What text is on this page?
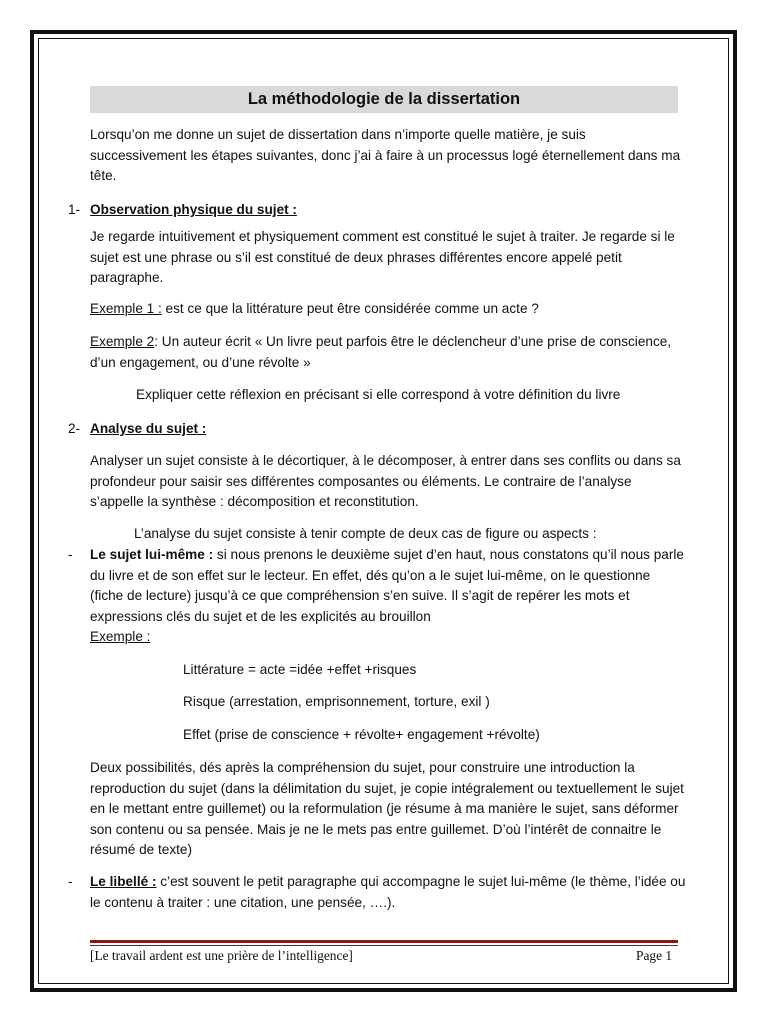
La méthodologie de la dissertation
Lorsqu’on me donne un sujet de dissertation dans n’importe quelle matière, je suis successivement les étapes suivantes, donc j’ai à faire à un processus logé éternellement dans ma tête.
1- Observation physique du sujet :
Je regarde intuitivement et physiquement comment est constitué le sujet à traiter. Je regarde si le sujet est une phrase ou s’il est constitué de deux phrases différentes encore appelé petit paragraphe.
Exemple 1 : est ce que la littérature peut être considérée comme un acte ?
Exemple 2: Un auteur écrit « Un livre peut parfois être le déclencheur d’une prise de conscience, d’un engagement, ou d’une révolte »
Expliquer cette réflexion en précisant si elle correspond à votre définition du livre
2- Analyse du sujet :
Analyser un sujet consiste à le décortiquer, à le décomposer, à entrer dans ses conflits ou dans sa profondeur pour saisir ses différentes composantes ou éléments. Le contraire de l’analyse s’appelle la synthèse : décomposition et reconstitution.
L’analyse du sujet consiste à tenir compte de deux cas de figure ou aspects :
- Le sujet lui-même : si nous prenons le deuxième sujet d’en haut, nous constatons qu’il nous parle du livre et de son effet sur le lecteur. En effet, dés qu’on a le sujet lui-même, on le questionne (fiche de lecture) jusqu’à ce que compréhension s’en suive. Il s’agit de repérer les mots et expressions clés du sujet et de les explicités au brouillon
Exemple :
Littérature = acte =idée +effet +risques
Risque (arrestation, emprisonnement, torture, exil )
Effet (prise de conscience + révolte+ engagement +révolte)
Deux possibilités, dés après la compréhension du sujet, pour construire une introduction la reproduction du sujet (dans la délimitation du sujet, je copie intégralement ou textuellement le sujet en le mettant entre guillemet) ou la reformulation (je résume à ma manière le sujet, sans déformer son contenu ou sa pensée. Mais je ne le mets pas entre guillemet. D’où l’intérêt de connaitre le résumé de texte)
- Le libellé : c’est souvent le petit paragraphe qui accompagne le sujet lui-même (le thème, l’idée ou le contenu à traiter : une citation, une pensée, ….).
[Le travail ardent est une prière de l’intelligence]	Page 1
